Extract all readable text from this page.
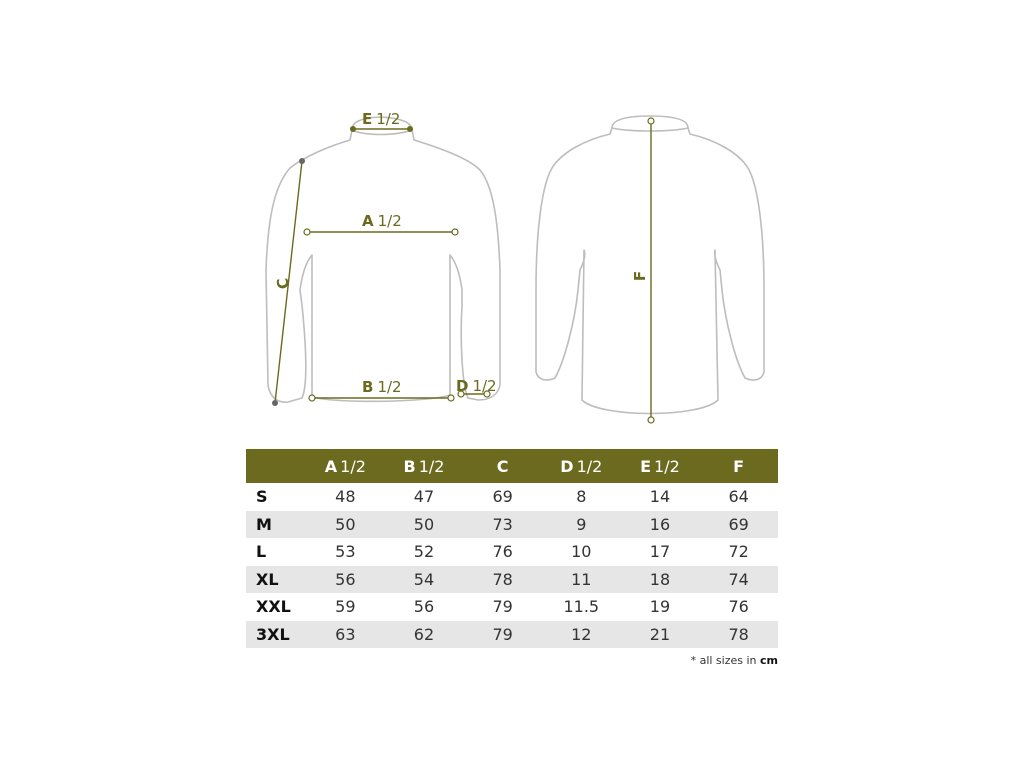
E 1/2
A 1/2
B 1/2	D 1/2
C
F
	A 1/2	B 1/2	C	D 1/2	E 1/2	F
S	48	47	69	8	14	64
M	50	50	73	9	16	69
L	53	52	76	10	17	72
XL	56	54	78	11	18	74
XXL	59	56	79	11.5	19	76
3XL	63	62	79	12	21	78
* all sizes in cm
